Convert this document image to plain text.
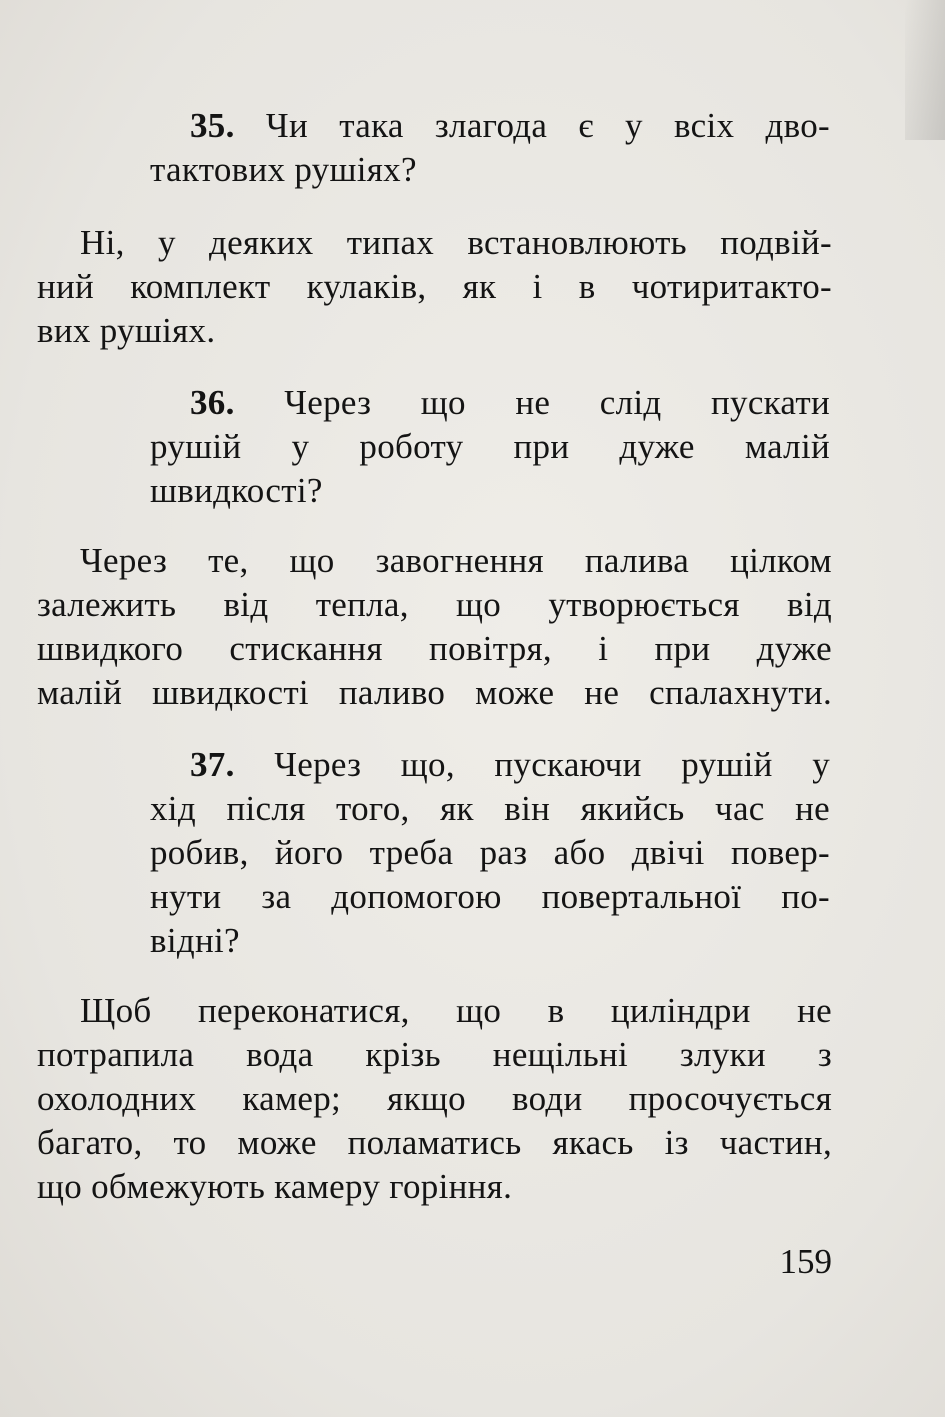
35. Чи така злагода є у всіх дво-
тактових рушіях?
Ні, у деяких типах встановлюють подвій-
ний комплект кулаків, як і в чотиритакто-
вих рушіях.
36. Через що не слід пускати
рушій у роботу при дуже малій
швидкості?
Через те, що завогнення палива цілком
залежить від тепла, що утворюється від
швидкого стискання повітря, і при дуже
малій швидкості паливо може не спалахнути.
37. Через що, пускаючи рушій у
хід після того, як він якийсь час не
робив, його треба раз або двічі повер-
нути за допомогою повертальної по-
відні?
Щоб переконатися, що в циліндри не
потрапила вода крізь нещільні злуки з
охолодних камер; якщо води просочується
багато, то може поламатись якась із частин,
що обмежують камеру горіння.
159
